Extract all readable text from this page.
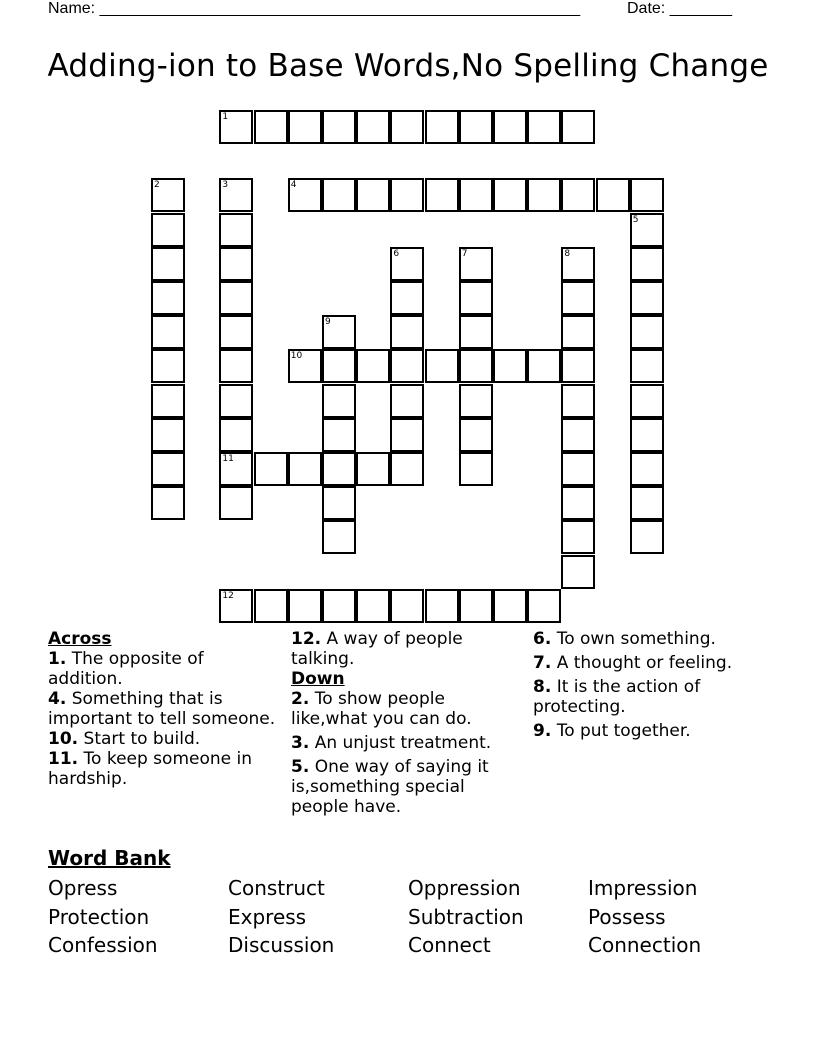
Name: ______________________________________________________	Date: _______
Adding-ion to Base Words,No Spelling Change
1
4
10
11
12
2	3
5
6	7	8
9
Across
1. The opposite of addition.
4. Something that is important to tell someone.
10. Start to build.
11. To keep someone in hardship.
12. A way of people talking.
Down
2. To show people like,what you can do.
3. An unjust treatment.
5. One way of saying it is,something special people have.
6. To own something.
7. A thought or feeling.
8. It is the action of protecting.
9. To put together.
Word Bank
Opress	Construct	Oppression	Impression
Protection	Express	Subtraction	Possess
Confession	Discussion	Connect	Connection
